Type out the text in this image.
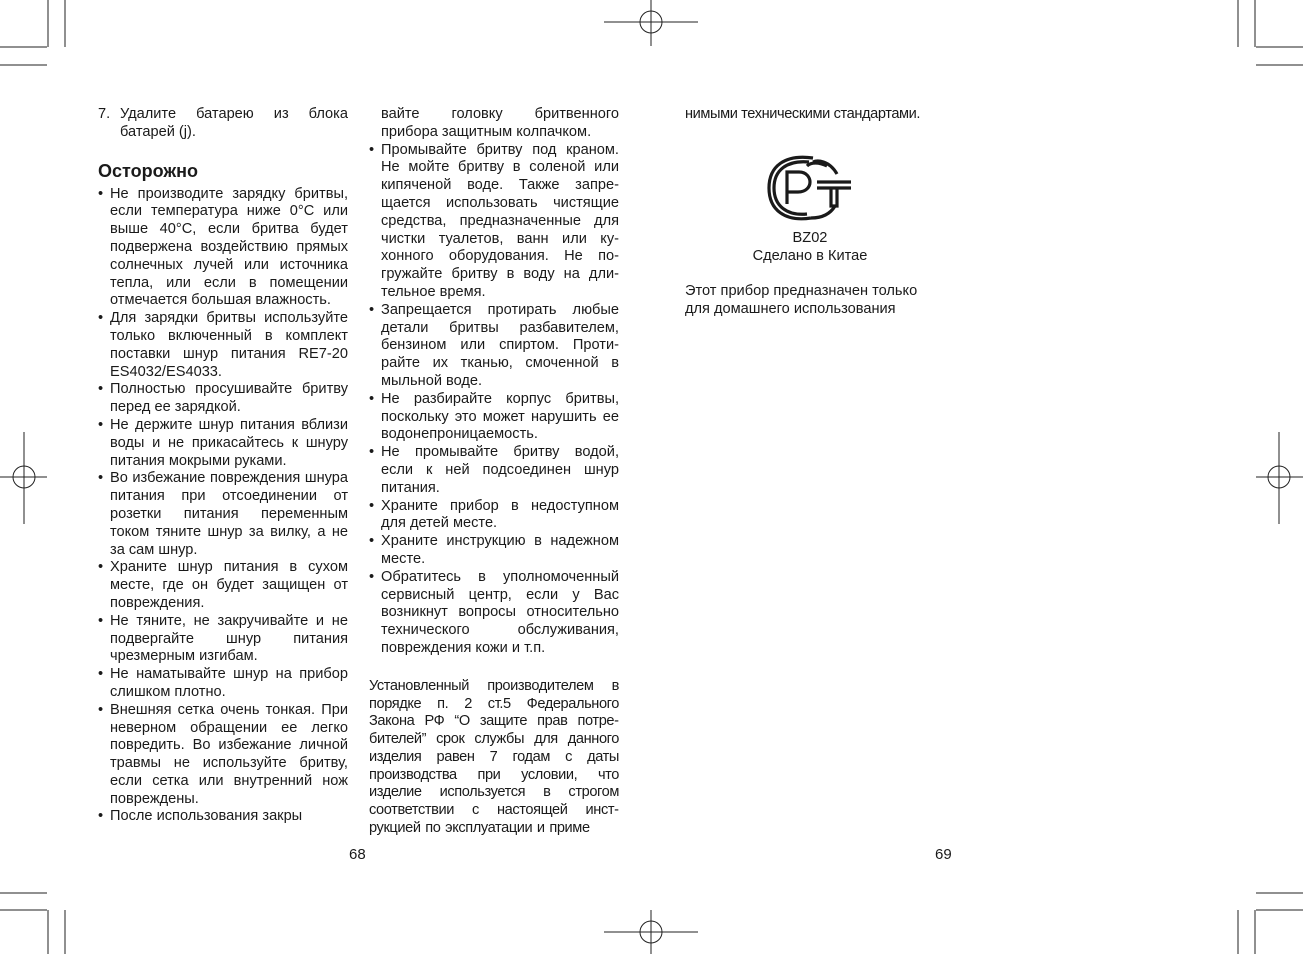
7. Удалите батарею из блока батарей (j).
Осторожно
• Не производите зарядку бритвы, если температура ниже 0°С или выше 40°С, если бритва будет подвержена воздействию прямых солнечных лучей или источника тепла, или если в помещении отмечается большая влажность.
• Для зарядки бритвы используйте только включенный в комплект поставки шнур питания RE7-20 ES4032/ES4033.
• Полностью просушивайте бритву перед ее зарядкой.
• Не держите шнур питания вблизи воды и не прикасайтесь к шнуру питания мокрыми руками.
• Во избежание повреждения шнура питания при отсоединении от розетки питания переменным током тяните шнур за вилку, а не за сам шнур.
• Храните шнур питания в сухом месте, где он будет защищен от повреждения.
• Не тяните, не закручивайте и не подвергайте шнур питания чрезмерным изгибам.
• Не наматывайте шнур на прибор слишком плотно.
• Внешняя сетка очень тонкая. При неверном обращении ее легко повредить. Во избежание личной травмы не используйте бритву, если сетка или внутренний нож повреждены.
• После использования закры
вайте головку бритвенного прибора защитным колпачком.
• Промывайте бритву под краном. Не мойте бритву в соленой или кипяченой воде. Также запрещается использовать чистящие средства, предназначенные для чистки туалетов, ванн или кухонного оборудования. Не погружайте бритву в воду на длительное время.
• Запрещается протирать любые детали бритвы разбавителем, бензином или спиртом. Протирайте их тканью, смоченной в мыльной воде.
• Не разбирайте корпус бритвы, поскольку это может нарушить ее водонепроницаемость.
• Не промывайте бритву водой, если к ней подсоединен шнур питания.
• Храните прибор в недоступном для детей месте.
• Храните инструкцию в надежном месте.
• Обратитесь в уполномоченный сервисный центр, если у Вас возникнут вопросы относительно технического обслуживания, повреждения кожи и т.п.
Установленный производителем в порядке п. 2 ст.5 Федерального Закона РФ “О защите прав потребителей” срок службы для данного изделия равен 7 годам с даты производства при условии, что изделие используется в строгом соответствии с настоящей инструкцией по эксплуатации и приме
нимыми техническими стандартами.
BZ02
Сделано в Китае
Этот прибор предназначен только для домашнего использования
68	69
